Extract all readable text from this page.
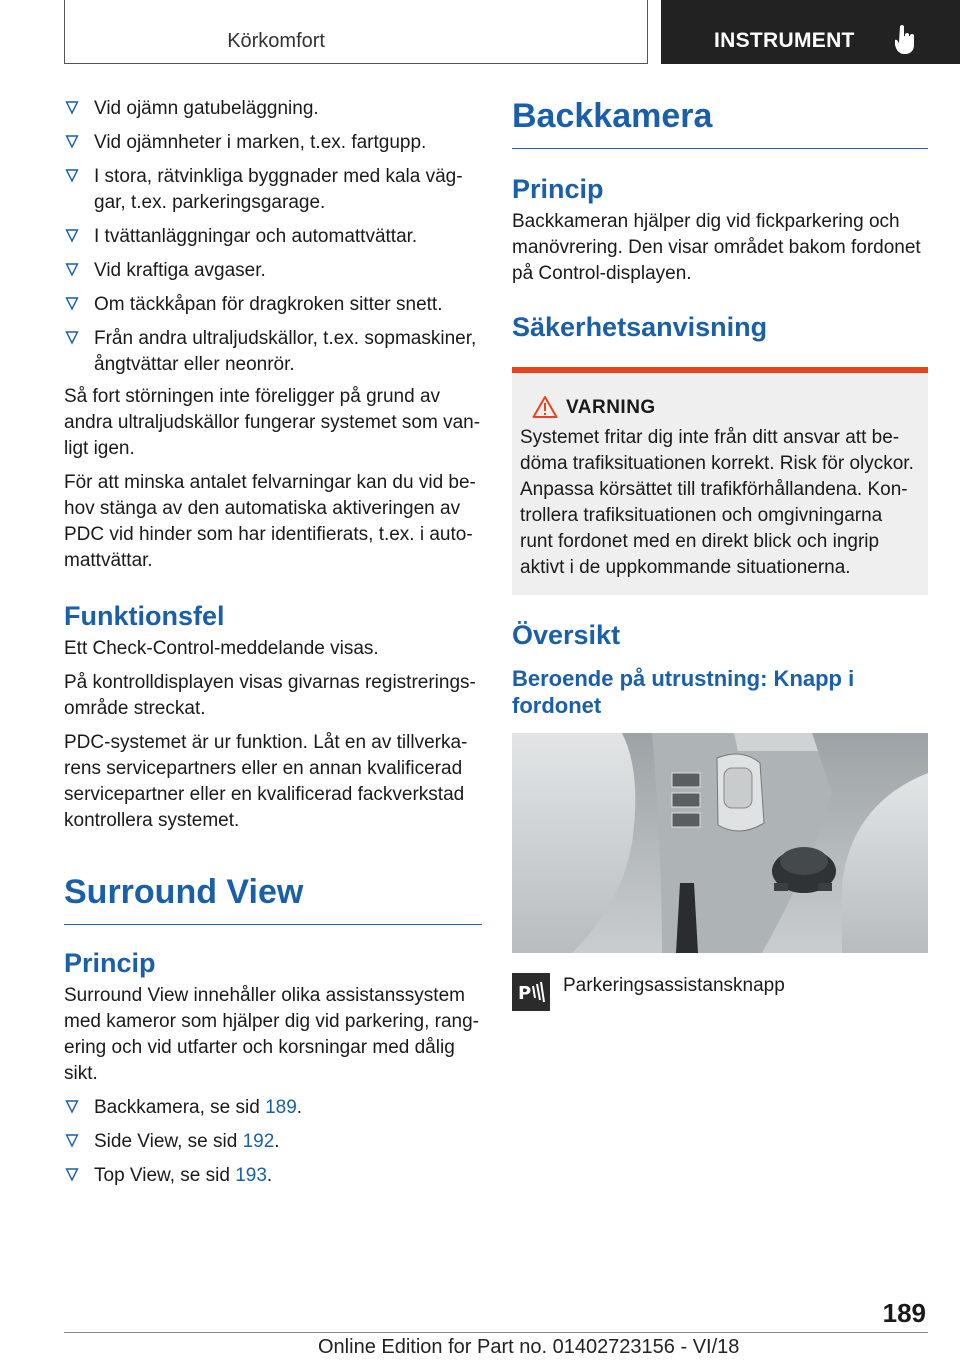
Körkomfort	INSTRUMENT
Vid ojämn gatubeläggning.
Vid ojämnheter i marken, t.ex. fartgupp.
I stora, rätvinkliga byggnader med kala väg-
gar, t.ex. parkeringsgarage.
I tvättanläggningar och automattvättar.
Vid kraftiga avgaser.
Om täckkåpan för dragkroken sitter snett.
Från andra ultraljudskällor, t.ex. sopmaskiner,
ångtvättar eller neonrör.

Så fort störningen inte föreligger på grund av andra ultraljudskällor fungerar systemet som van-ligt igen.

För att minska antalet felvarningar kan du vid be-hov stänga av den automatiska aktiveringen av PDC vid hinder som har identifierats, t.ex. i auto-mattvättar.

Funktionsfel

Ett Check-Control-meddelande visas.

På kontrolldisplayen visas givarnas registrerings-område streckat.

PDC-systemet är ur funktion. Låt en av tillverka-rens servicepartners eller en annan kvalificerad servicepartner eller en kvalificerad fackverkstad kontrollera systemet.

Surround View
Princip

Surround View innehåller olika assistanssystem med kameror som hjälper dig vid parkering, rang-ering och vid utfarter och korsningar med dålig sikt.

Backkamera, se sid 189.
Side View, se sid 192.
Top View, se sid 193.
Backkamera
Princip

Backkameran hjälper dig vid fickparkering och manövrering. Den visar området bakom fordonet på Control-displayen.

Säkerhetsanvisning
VARNING

Systemet fritar dig inte från ditt ansvar att be-döma trafiksituationen korrekt. Risk för olyckor. Anpassa körsättet till trafikförhållandena. Kon-trollera trafiksituationen och omgivningarna runt fordonet med en direkt blick och ingrip aktivt i de uppkommande situationerna.

Översikt
Beroende på utrustning: Knapp i fordonet
P Parkeringsassistansknapp
189
Online Edition for Part no. 01402723156 - VI/18
